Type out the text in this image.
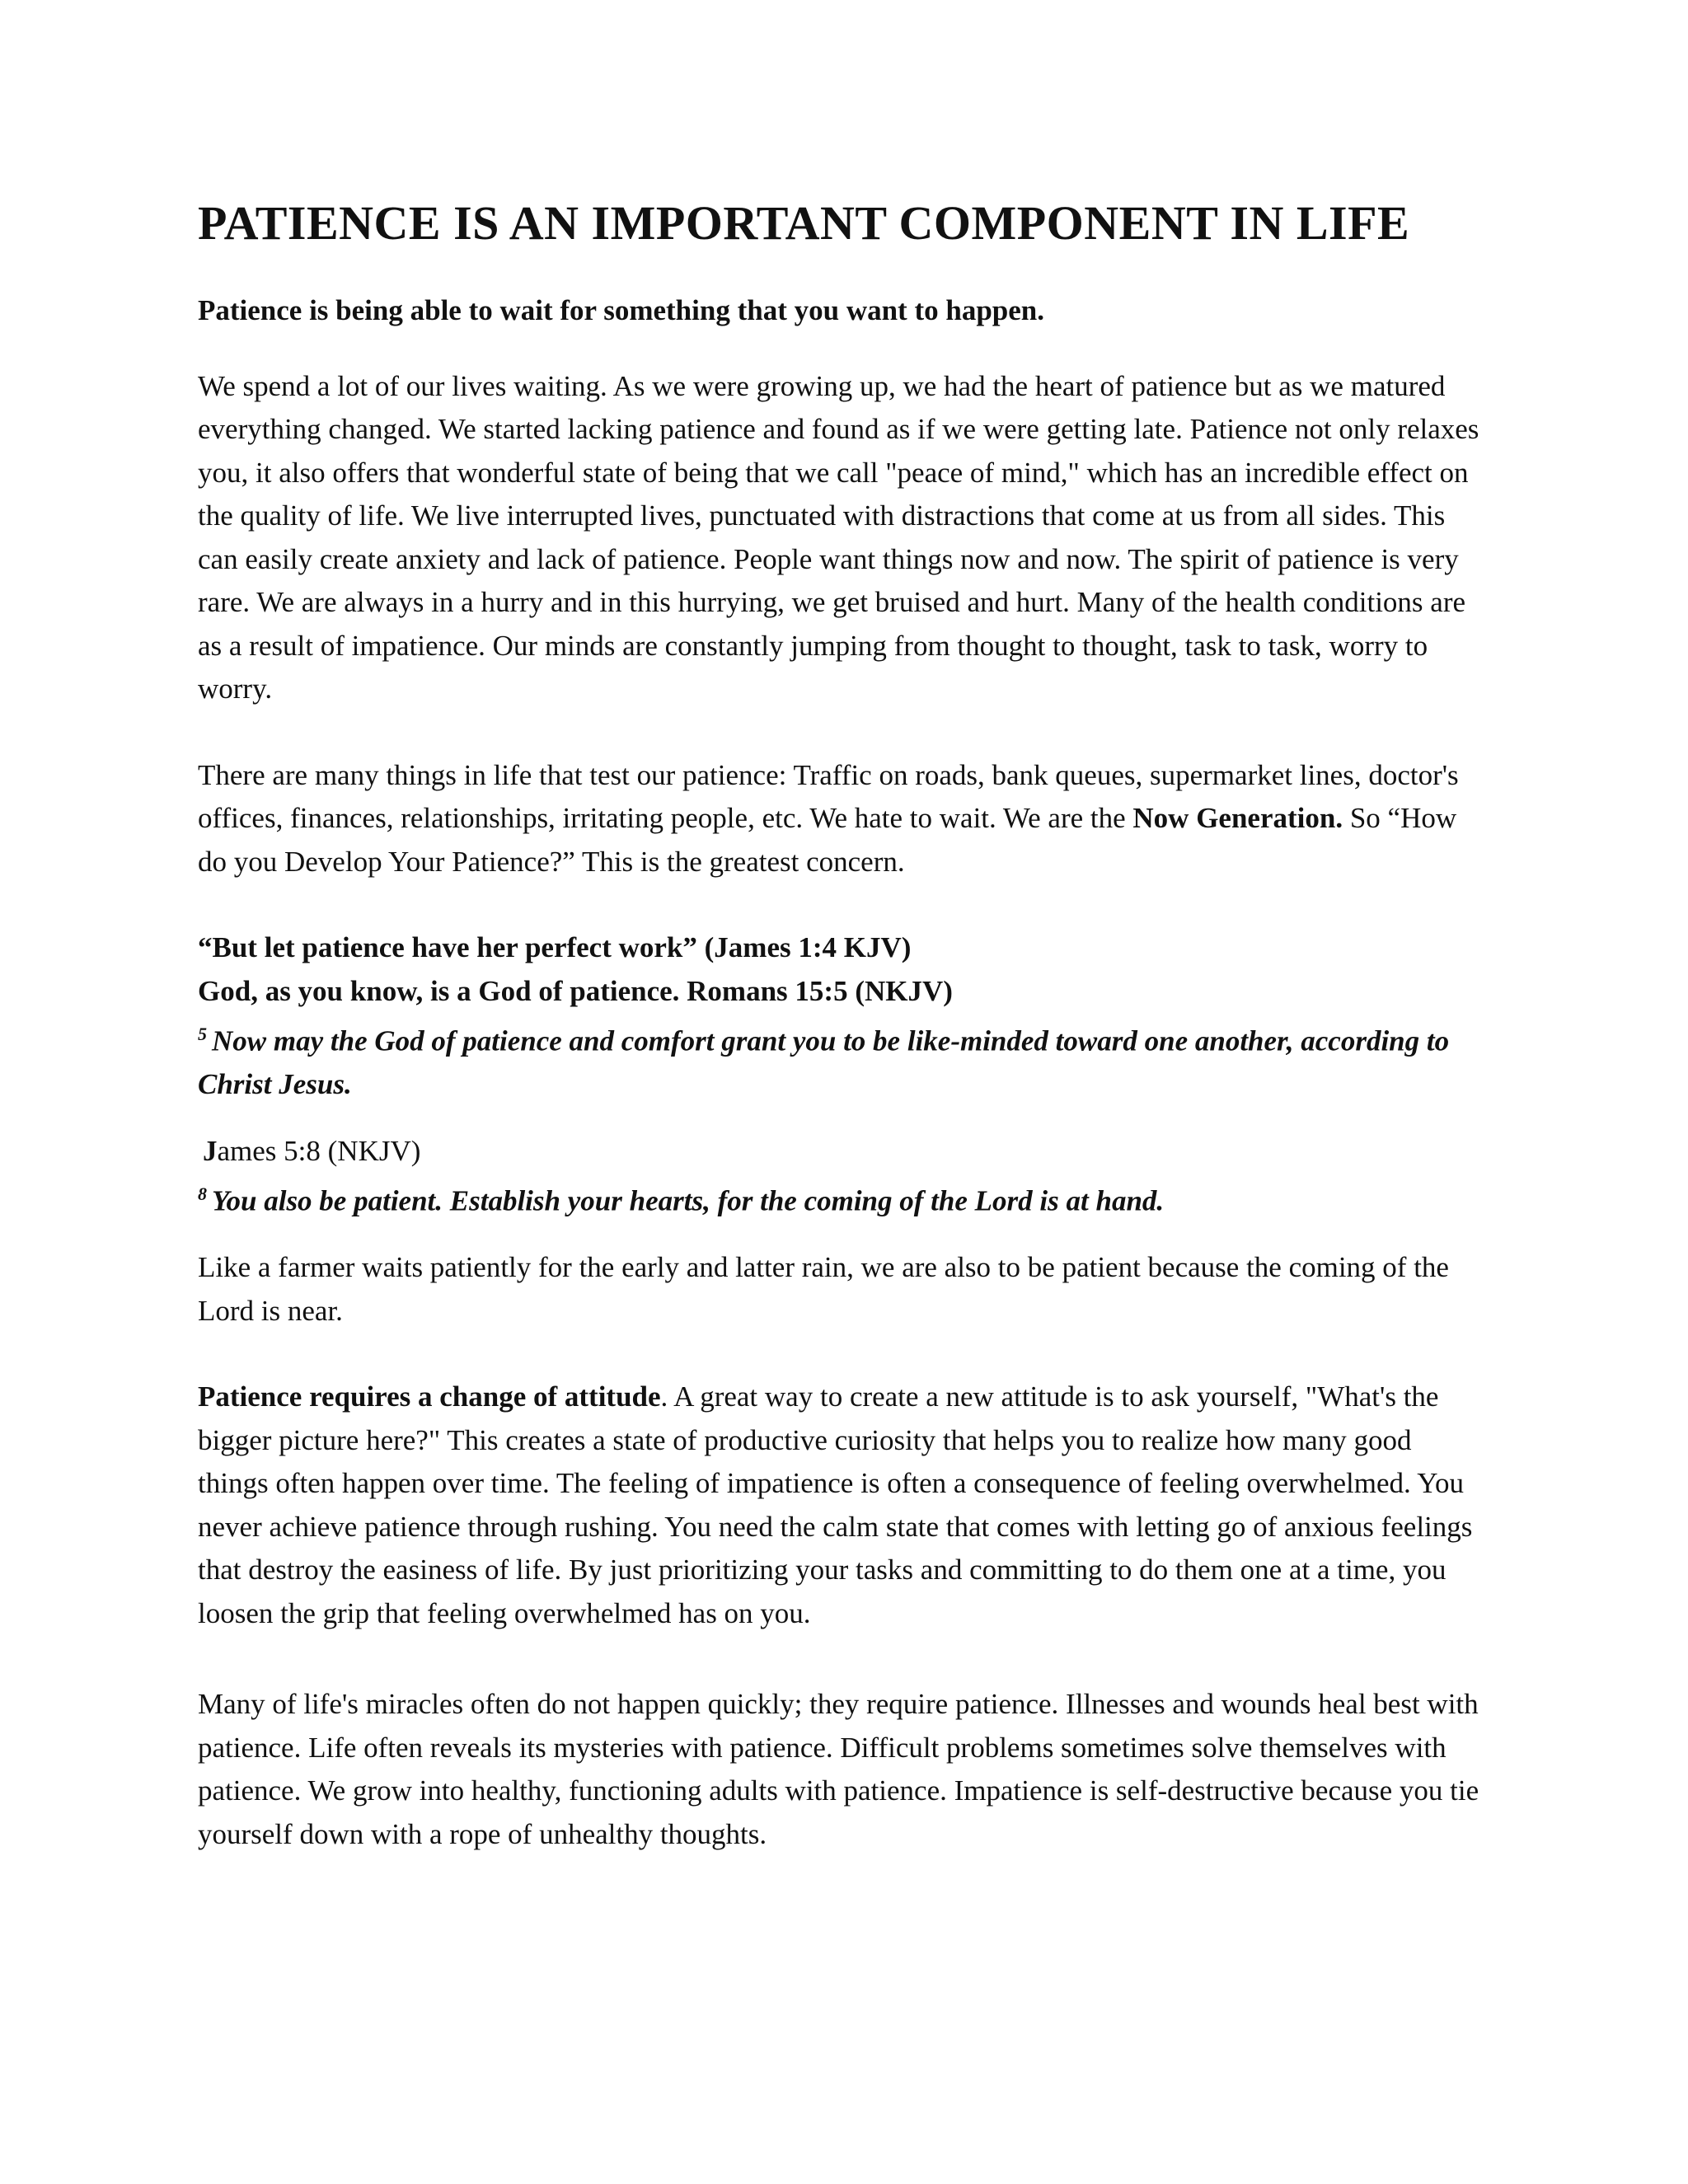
PATIENCE IS AN IMPORTANT COMPONENT IN LIFE

Patience is being able to wait for something that you want to happen.

We spend a lot of our lives waiting. As we were growing up, we had the heart of patience but as we matured everything changed. We started lacking patience and found as if we were getting late. Patience not only relaxes you, it also offers that wonderful state of being that we call "peace of mind," which has an incredible effect on the quality of life. We live interrupted lives, punctuated with distractions that come at us from all sides. This can easily create anxiety and lack of patience. People want things now and now. The spirit of patience is very rare. We are always in a hurry and in this hurrying, we get bruised and hurt. Many of the health conditions are as a result of impatience. Our minds are constantly jumping from thought to thought, task to task, worry to worry.

There are many things in life that test our patience: Traffic on roads, bank queues, supermarket lines, doctor's offices, finances, relationships, irritating people, etc. We hate to wait. We are the Now Generation. So “How do you Develop Your Patience?” This is the greatest concern.

“But let patience have her perfect work” (James 1:4 KJV)
God, as you know, is a God of patience. Romans 15:5 (NKJV)
$^5$ Now may the God of patience and comfort grant you to be like-minded toward one another, according to Christ Jesus.
James 5:8 (NKJV)
$^8$ You also be patient. Establish your hearts, for the coming of the Lord is at hand.

Like a farmer waits patiently for the early and latter rain, we are also to be patient because the coming of the Lord is near.

Patience requires a change of attitude. A great way to create a new attitude is to ask yourself, "What's the bigger picture here?" This creates a state of productive curiosity that helps you to realize how many good things often happen over time. The feeling of impatience is often a consequence of feeling overwhelmed. You never achieve patience through rushing. You need the calm state that comes with letting go of anxious feelings that destroy the easiness of life. By just prioritizing your tasks and committing to do them one at a time, you loosen the grip that feeling overwhelmed has on you.

Many of life's miracles often do not happen quickly; they require patience. Illnesses and wounds heal best with patience. Life often reveals its mysteries with patience. Difficult problems sometimes solve themselves with patience. We grow into healthy, functioning adults with patience. Impatience is self-destructive because you tie yourself down with a rope of unhealthy thoughts.
